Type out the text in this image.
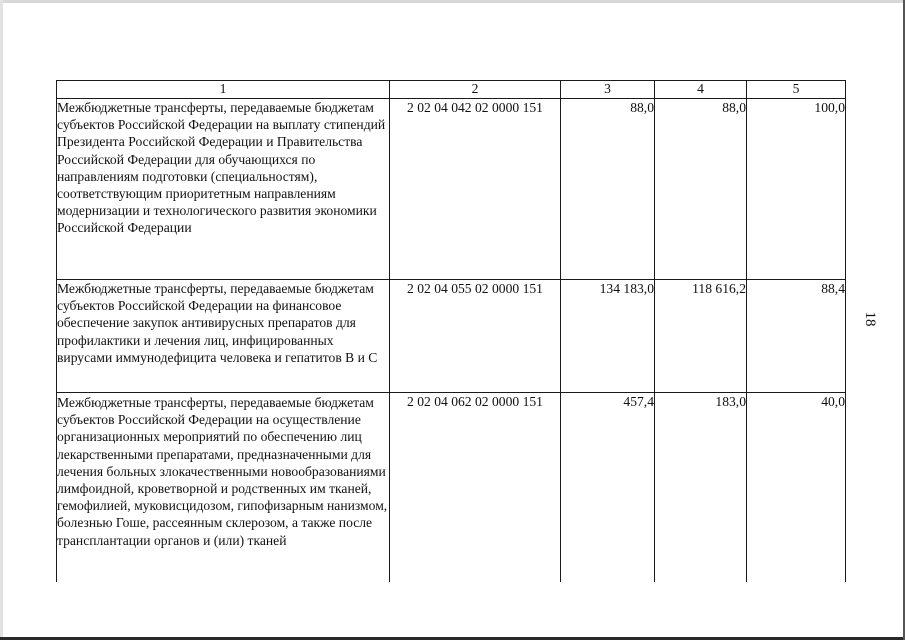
1	2	3	4	5
Межбюджетные трансферты, передаваемые бюджетам субъектов Российской Федерации на выплату стипендий Президента Российской Федерации и Правительства Российской Федерации для обучающихся по направлениям подготовки (специальностям), соответствующим приоритетным направлениям модернизации и технологического развития экономики Российской Федерации	2 02 04 042 02 0000 151	88,0	88,0	100,0
Межбюджетные трансферты, передаваемые бюджетам субъектов Российской Федерации на финансовое обеспечение закупок антивирусных препаратов для профилактики и лечения лиц, инфицированных вирусами иммунодефицита человека и гепатитов В и С	2 02 04 055 02 0000 151	134 183,0	118 616,2	88,4
Межбюджетные трансферты, передаваемые бюджетам субъектов Российской Федерации на осуществление организационных мероприятий по обеспечению лиц лекарственными препаратами, предназначенными для лечения больных злокачественными новообразованиями лимфоидной, кроветворной и родственных им тканей, гемофилией, муковисцидозом, гипофизарным нанизмом, болезнью Гоше, рассеянным склерозом, а также после трансплантации органов и (или) тканей	2 02 04 062 02 0000 151	457,4	183,0	40,0
18
